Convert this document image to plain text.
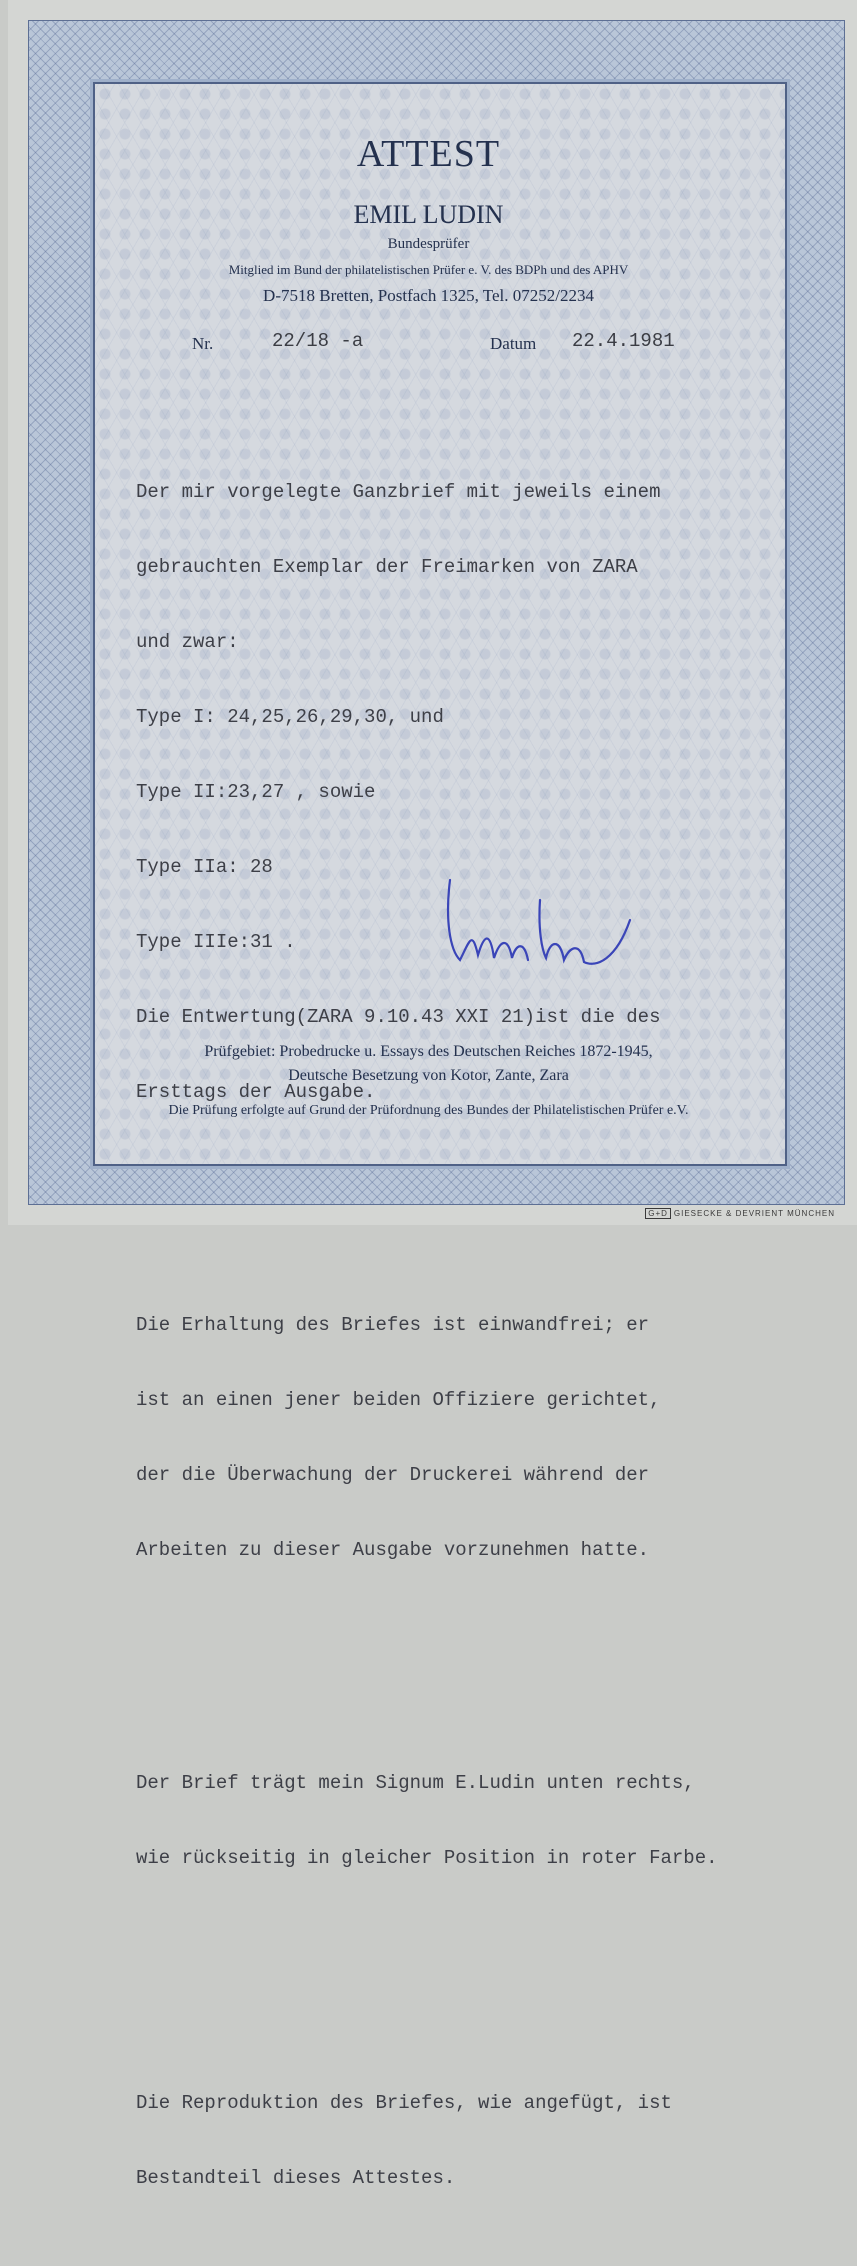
ATTEST
EMIL LUDIN
Bundesprüfer
Mitglied im Bund der philatelistischen Prüfer e. V. des BDPh und des APHV
D-7518 Bretten, Postfach 1325, Tel. 07252/2234
Nr.	22/18 -a	Datum 22.4.1981

Der mir vorgelegte Ganzbrief mit jeweils einem

gebrauchten Exemplar der Freimarken von ZARA

und zwar:

Type I: 24,25,26,29,30, und

Type II:23,27 , sowie

Type IIa: 28

Type IIIe:31 .

Die Entwertung(ZARA 9.10.43 XXI 21)ist die des

Ersttags der Ausgabe.

Die Erhaltung des Briefes ist einwandfrei; er

ist an einen jener beiden Offiziere gerichtet,

der die Überwachung der Druckerei während der

Arbeiten zu dieser Ausgabe vorzunehmen hatte.

Der Brief trägt mein Signum E.Ludin unten rechts,

wie rückseitig in gleicher Position in roter Farbe.

Die Reproduktion des Briefes, wie angefügt, ist

Bestandteil dieses Attestes.

Prüfgebiet: Probedrucke u. Essays des Deutschen Reiches 1872-1945,
Deutsche Besetzung von Kotor, Zante, Zara
Die Prüfung erfolgte auf Grund der Prüfordnung des Bundes der Philatelistischen Prüfer e.V.
G+D GIESECKE & DEVRIENT MÜNCHEN
